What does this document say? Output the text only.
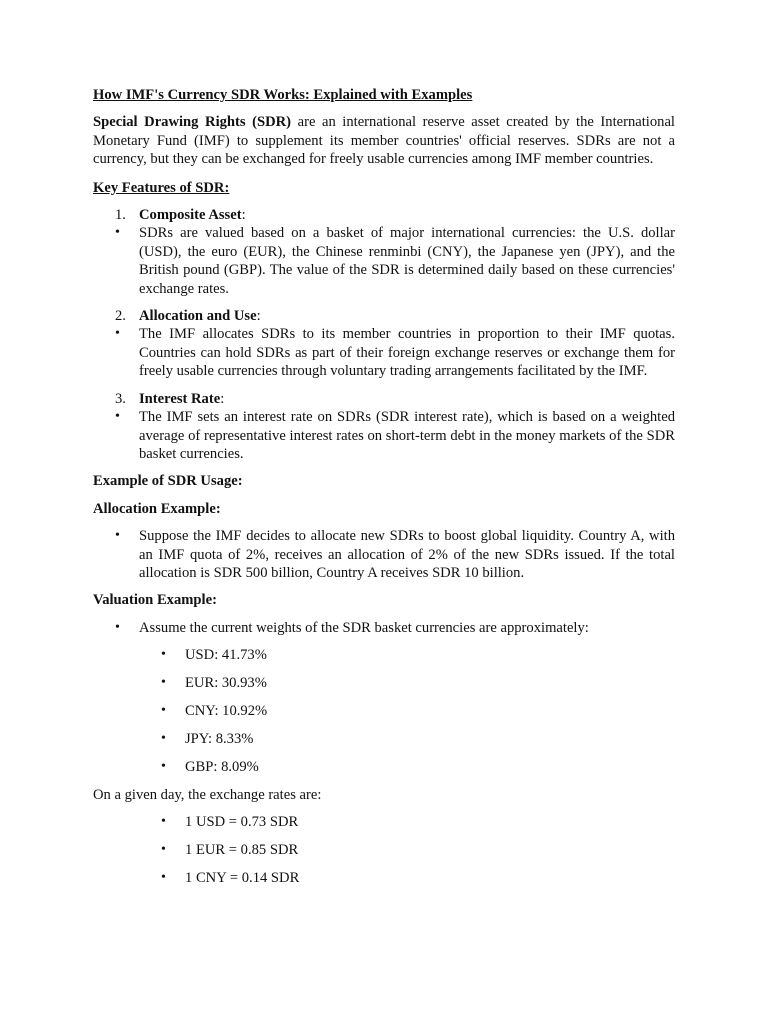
How IMF's Currency SDR Works: Explained with Examples

Special Drawing Rights (SDR) are an international reserve asset created by the International Monetary Fund (IMF) to supplement its member countries' official reserves. SDRs are not a currency, but they can be exchanged for freely usable currencies among IMF member countries.

Key Features of SDR:

1. Composite Asset:
• SDRs are valued based on a basket of major international currencies: the U.S. dollar (USD), the euro (EUR), the Chinese renminbi (CNY), the Japanese yen (JPY), and the British pound (GBP). The value of the SDR is determined daily based on these currencies' exchange rates.
2. Allocation and Use:
• The IMF allocates SDRs to its member countries in proportion to their IMF quotas. Countries can hold SDRs as part of their foreign exchange reserves or exchange them for freely usable currencies through voluntary trading arrangements facilitated by the IMF.
3. Interest Rate:
• The IMF sets an interest rate on SDRs (SDR interest rate), which is based on a weighted average of representative interest rates on short-term debt in the money markets of the SDR basket currencies.

Example of SDR Usage:

Allocation Example:

• Suppose the IMF decides to allocate new SDRs to boost global liquidity. Country A, with an IMF quota of 2%, receives an allocation of 2% of the new SDRs issued. If the total allocation is SDR 500 billion, Country A receives SDR 10 billion.

Valuation Example:

• Assume the current weights of the SDR basket currencies are approximately:
• USD: 41.73%
• EUR: 30.93%
• CNY: 10.92%
• JPY: 8.33%
• GBP: 8.09%

On a given day, the exchange rates are:

• 1 USD = 0.73 SDR
• 1 EUR = 0.85 SDR
• 1 CNY = 0.14 SDR
